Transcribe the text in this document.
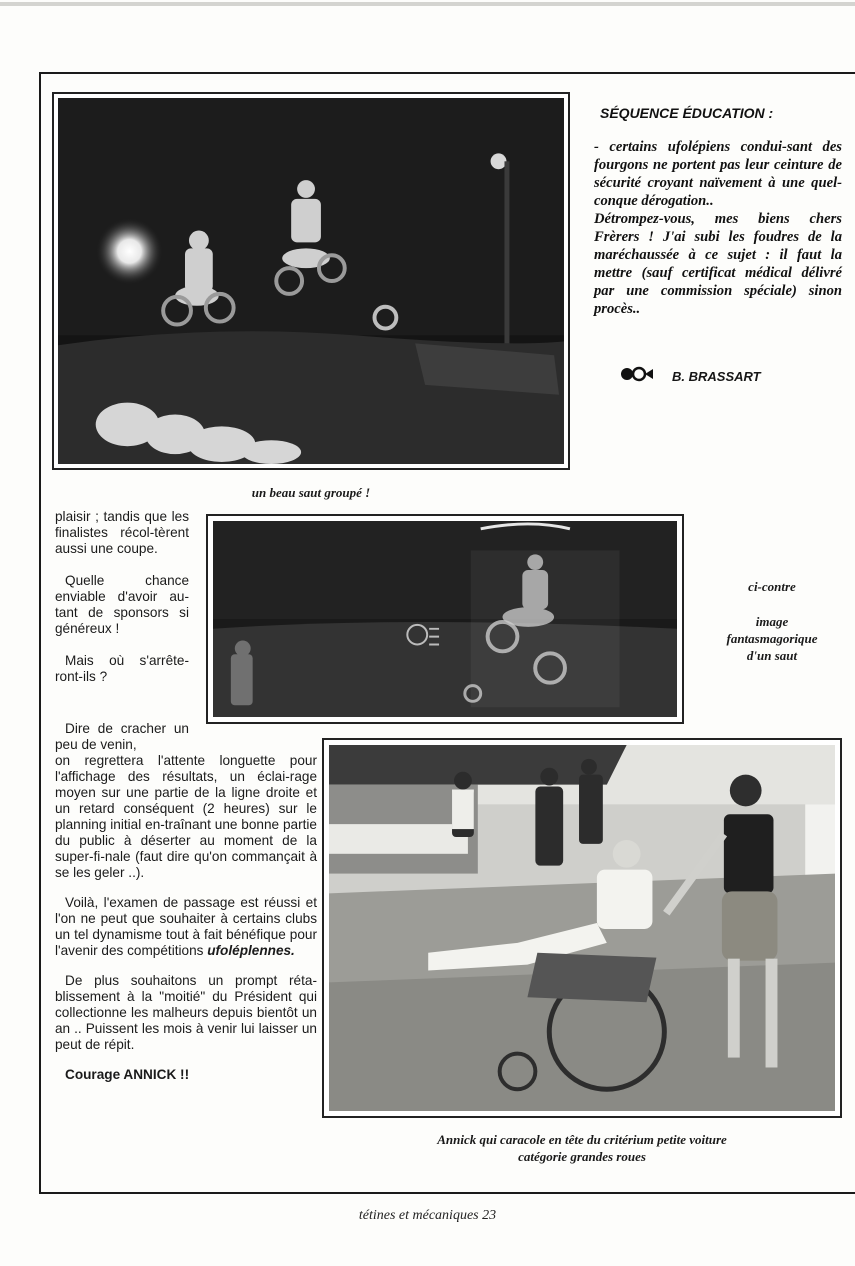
un beau saut groupé !
SÉQUENCE ÉDUCATION :

- certains ufolépiens condui-sant des fourgons ne portent pas leur ceinture de sécurité croyant naïvement à une quel-conque dérogation..

Détrompez-vous, mes biens chers Frèrers ! J'ai subi les foudres de la maréchaussée à ce sujet : il faut la mettre (sauf certificat médical délivré par une commission spéciale) sinon procès..

B. BRASSART
ci-contre
image
fantasmagorique
d'un saut
Annick qui caracole en tête du critérium petite voiture
catégorie grandes roues

plaisir ; tandis que les finalistes récol-tèrent aussi une coupe.

Quelle chance enviable d'avoir au-tant de sponsors si généreux !

Mais où s'arrête-ront-ils ?

Dire de cracher un peu de venin,
on regrettera l'attente longuette pour l'affichage des résultats, un éclai-rage moyen sur une partie de la ligne droite et un retard conséquent (2 heures) sur le planning initial en-traînant une bonne partie du public à déserter au moment de la super-fi-nale (faut dire qu'on commançait à se les geler ..).

Voilà, l'examen de passage est réussi et l'on ne peut que souhaiter à certains clubs un tel dynamisme tout à fait bénéfique pour l'avenir des compétitions ufoléplennes.

De plus souhaitons un prompt réta-blissement à la "moitié" du Président qui collectionne les malheurs depuis bientôt un an .. Puissent les mois à venir lui laisser un peut de répit.

Courage ANNICK !!

tétines et mécaniques 23
